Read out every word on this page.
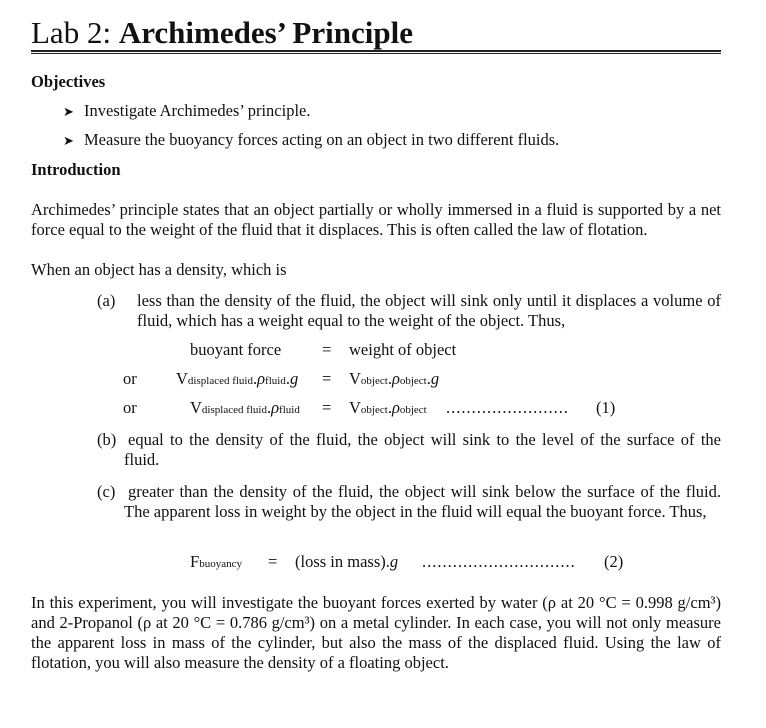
Lab 2: Archimedes’ Principle
Objectives
➤ Investigate Archimedes’ principle.
➤ Measure the buoyancy forces acting on an object in two different fluids.
Introduction
Archimedes’ principle states that an object partially or wholly immersed in a fluid is supported by a net force equal to the weight of the fluid that it displaces. This is often called the law of flotation.
When an object has a density, which is
(a) less than the density of the fluid, the object will sink only until it displaces a volume of fluid, which has a weight equal to the weight of the object. Thus,
buoyant force = weight of object
or Vdisplaced fluid.ρfluid.g = Vobject.ρobject.g
or	Vdisplaced fluid.ρfluid = Vobject.ρobject ........................ (1)
(b) equal to the density of the fluid, the object will sink to the level of the surface of the fluid.
(c) greater than the density of the fluid, the object will sink below the surface of the fluid. The apparent loss in weight by the object in the fluid will equal the buoyant force. Thus,
Fbuoyancy = (loss in mass).g .............................. (2)
In this experiment, you will investigate the buoyant forces exerted by water (ρ at 20 °C = 0.998 g/cm³) and 2-Propanol (ρ at 20 °C = 0.786 g/cm³) on a metal cylinder. In each case, you will not only measure the apparent loss in mass of the cylinder, but also the mass of the displaced fluid. Using the law of flotation, you will also measure the density of a floating object.
